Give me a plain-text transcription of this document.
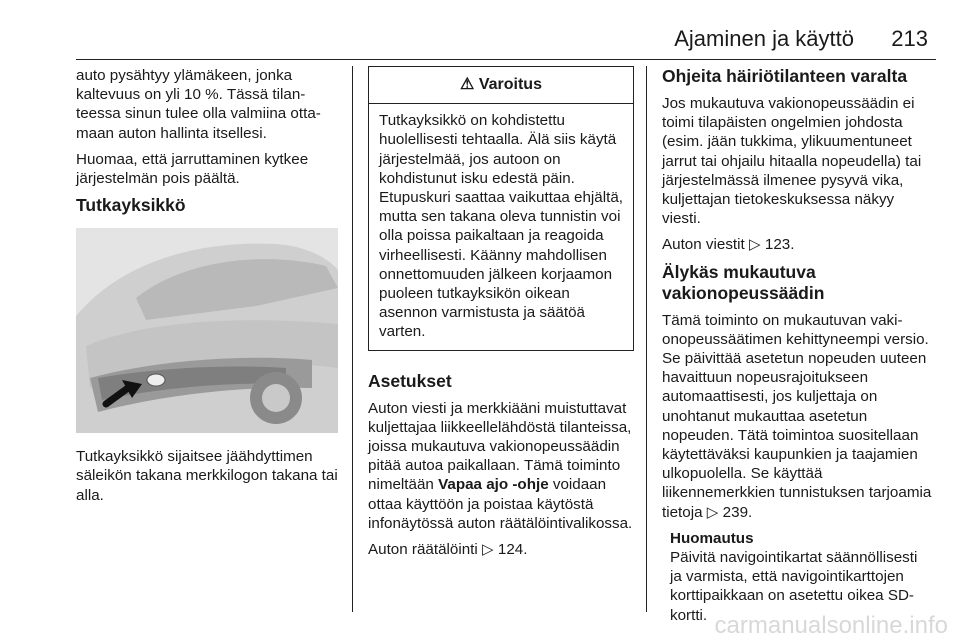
Ajaminen ja käyttö 213

auto pysähtyy ylämäkeen, jonka kaltevuus on yli 10 %. Tässä tilanteessa sinun tulee olla valmiina ottamaan auton hallinta itsellesi.

Huomaa, että jarruttaminen kytkee järjestelmän pois päältä.

Tutkayksikkö

Tutkayksikkö sijaitsee jäähdyttimen säleikön takana merkkilogon takana tai alla.

⚠ Varoitus
Tutkayksikkö on kohdistettu huolellisesti tehtaalla. Älä siis käytä järjestelmää, jos autoon on kohdistunut isku edestä päin. Etupuskuri saattaa vaikuttaa ehjältä, mutta sen takana oleva tunnistin voi olla poissa paikaltaan ja reagoida virheellisesti. Käänny mahdollisen onnettomuuden jälkeen korjaamon puoleen tutkayksikön oikean asennon varmistusta ja säätöä varten.
Asetukset

Auton viesti ja merkkiääni muistuttavat kuljettajaa liikkeellelähdöstä tilanteissa, joissa mukautuva vakionopeussäädin pitää autoa paikallaan. Tämä toiminto nimeltään Vapaa ajo -ohje voidaan ottaa käyttöön ja poistaa käytöstä infonäytössä auton räätälöintivalikossa.

Auton räätälöinti ▷ 124.

Ohjeita häiriötilanteen varalta

Jos mukautuva vakionopeussäädin ei toimi tilapäisten ongelmien johdosta (esim. jään tukkima, ylikuumentuneet jarrut tai ohjailu hitaalla nopeudella) tai järjestelmässä ilmenee pysyvä vika, kuljettajan tietokeskuksessa näkyy viesti.

Auton viestit ▷ 123.

Älykäs mukautuva vakionopeussäädin

Tämä toiminto on mukautuvan vakionopeussäätimen kehittyneempi versio. Se päivittää asetetun nopeuden uuteen havaittuun nopeusrajoitukseen automaattisesti, jos kuljettaja on unohtanut mukauttaa asetetun nopeuden. Tätä toimintoa suositellaan käytettäväksi kaupunkien ja taajamien ulkopuolella. Se käyttää liikennemerkkien tunnistuksen tarjoamia tietoja ▷ 239.

Huomautus
Päivitä navigointikartat säännöllisesti ja varmista, että navigointikarttojen korttipaikkaan on asetettu oikea SD-kortti. carmanualsonline.info
